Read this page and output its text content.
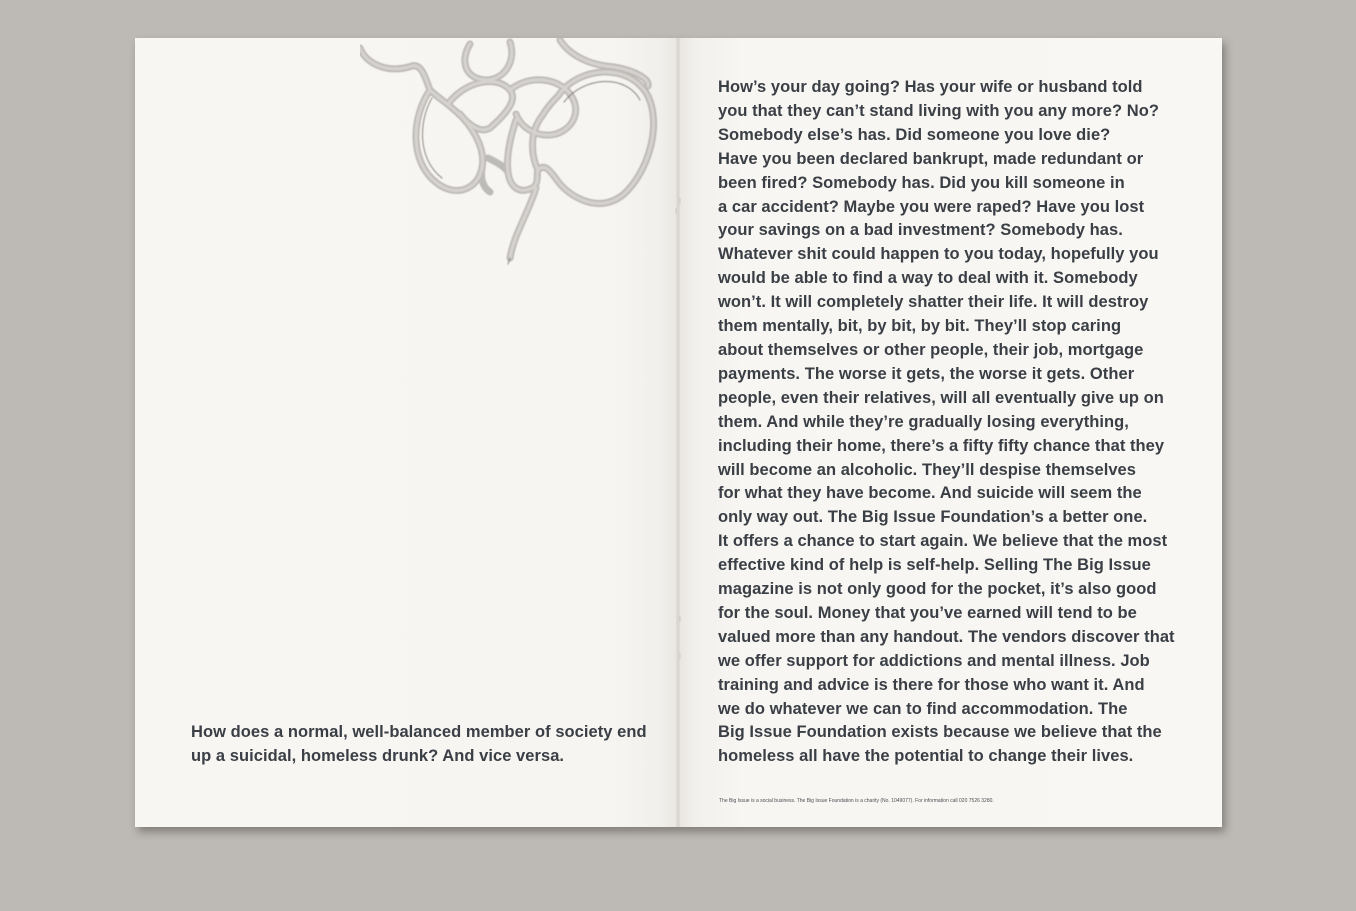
How does a normal, well-balanced member of society end up a suicidal, homeless drunk? And vice versa.

How’s your day going? Has your wife or husband told
you that they can’t stand living with you any more? No?
Somebody else’s has. Did someone you love die?
Have you been declared bankrupt, made redundant or
been fired? Somebody has. Did you kill someone in
a car accident? Maybe you were raped? Have you lost
your savings on a bad investment? Somebody has.
Whatever shit could happen to you today, hopefully you
would be able to find a way to deal with it. Somebody
won’t. It will completely shatter their life. It will destroy
them mentally, bit, by bit, by bit. They’ll stop caring
about themselves or other people, their job, mortgage
payments. The worse it gets, the worse it gets. Other
people, even their relatives, will all eventually give up on
them. And while they’re gradually losing everything,
including their home, there’s a fifty fifty chance that they
will become an alcoholic. They’ll despise themselves
for what they have become. And suicide will seem the
only way out. The Big Issue Foundation’s a better one.
It offers a chance to start again. We believe that the most
effective kind of help is self-help. Selling The Big Issue
magazine is not only good for the pocket, it’s also good
for the soul. Money that you’ve earned will tend to be
valued more than any handout. The vendors discover that
we offer support for addictions and mental illness. Job
training and advice is there for those who want it. And
we do whatever we can to find accommodation. The
Big Issue Foundation exists because we believe that the
homeless all have the potential to change their lives.

The Big Issue is a social business. The Big Issue Foundation is a charity (No. 1049077). For information call 020 7526 3280.
